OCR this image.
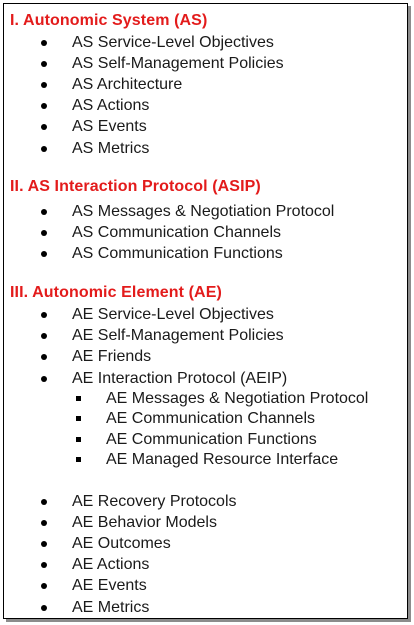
I. Autonomic System (AS)
AS Service-Level Objectives
AS Self-Management Policies
AS Architecture
AS Actions
AS Events
AS Metrics
II. AS Interaction Protocol (ASIP)
AS Messages & Negotiation Protocol
AS Communication Channels
AS Communication Functions
III. Autonomic Element (AE)
AE Service-Level Objectives
AE Self-Management Policies
AE Friends
AE Interaction Protocol (AEIP)
AE Messages & Negotiation Protocol
AE Communication Channels
AE Communication Functions
AE Managed Resource Interface
AE Recovery Protocols
AE Behavior Models
AE Outcomes
AE Actions
AE Events
AE Metrics
